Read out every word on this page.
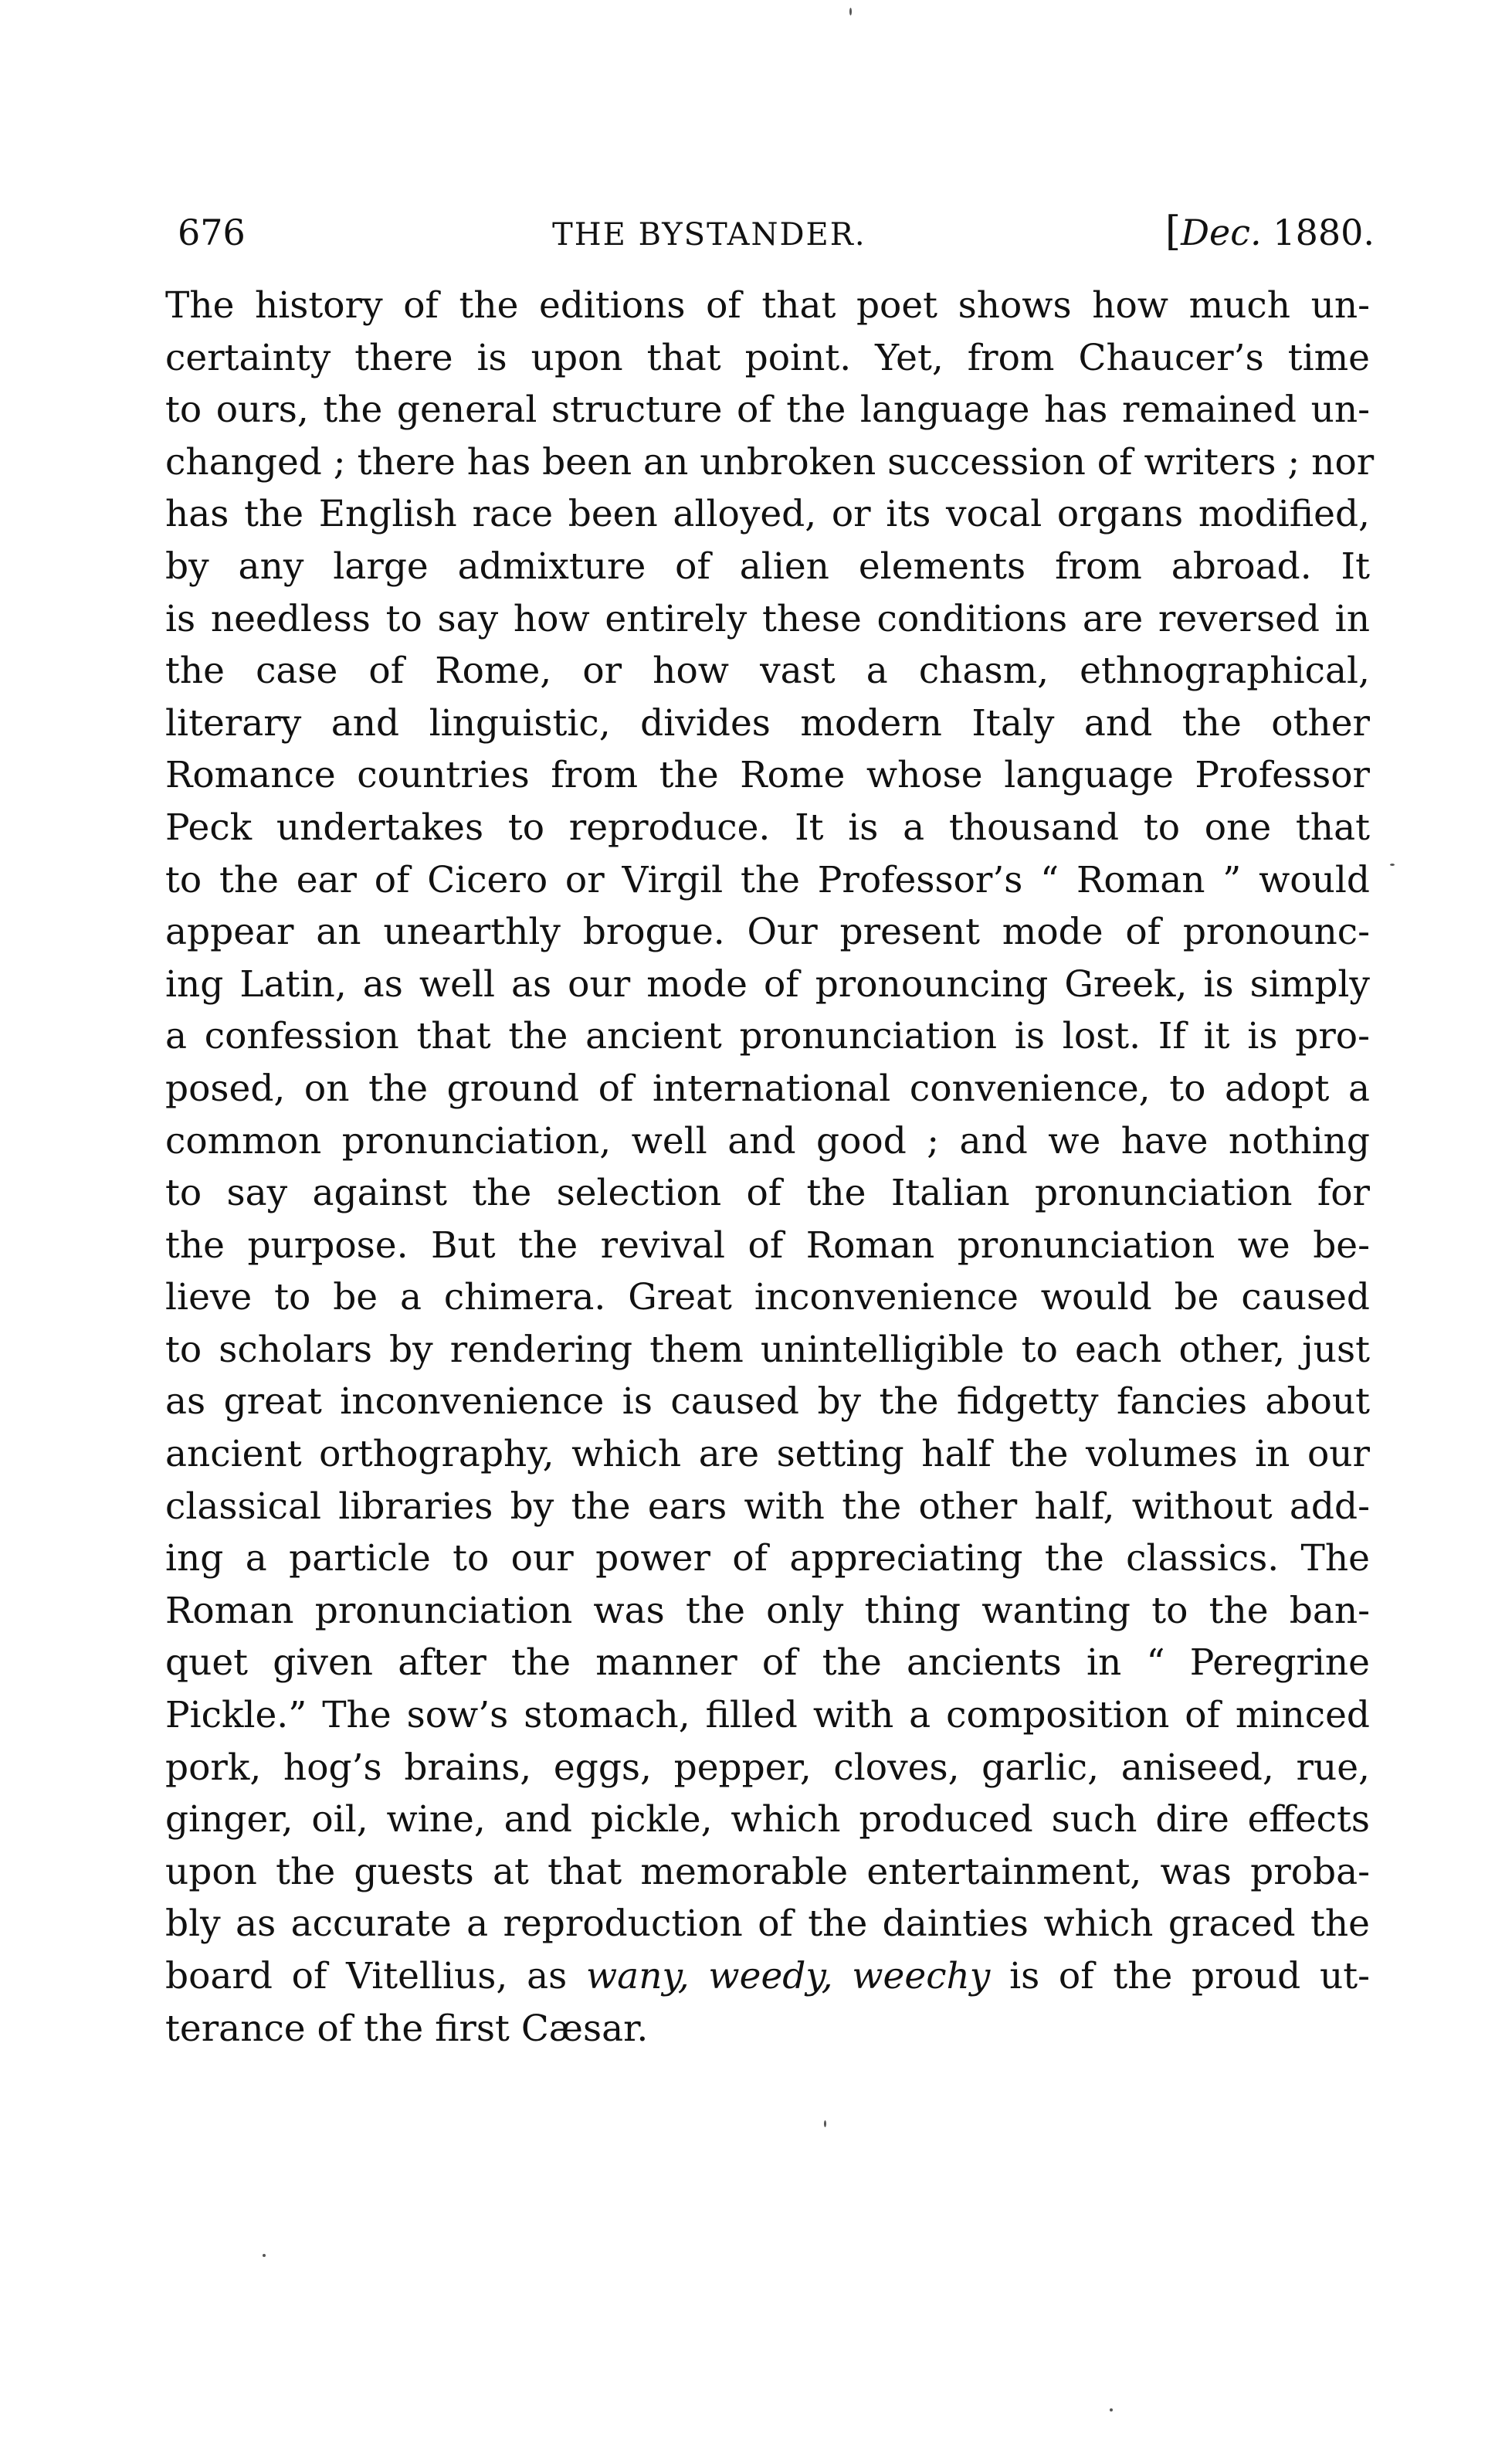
676	THE BYSTANDER.	[Dec. 1880.
The history of the editions of that poet shows how much un-
certainty there is upon that point. Yet, from Chaucer’s time
to ours, the general structure of the language has remained un-
changed ; there has been an unbroken succession of writers ; nor
has the English race been alloyed, or its vocal organs modified,
by any large admixture of alien elements from abroad. It
is needless to say how entirely these conditions are reversed in
the case of Rome, or how vast a chasm, ethnographical,
literary and linguistic, divides modern Italy and the other
Romance countries from the Rome whose language Professor
Peck undertakes to reproduce. It is a thousand to one that
to the ear of Cicero or Virgil the Professor’s “ Roman ” would
appear an unearthly brogue. Our present mode of pronounc-
ing Latin, as well as our mode of pronouncing Greek, is simply
a confession that the ancient pronunciation is lost. If it is pro-
posed, on the ground of international convenience, to adopt a
common pronunciation, well and good ; and we have nothing
to say against the selection of the Italian pronunciation for
the purpose. But the revival of Roman pronunciation we be-
lieve to be a chimera. Great inconvenience would be caused
to scholars by rendering them unintelligible to each other, just
as great inconvenience is caused by the fidgetty fancies about
ancient orthography, which are setting half the volumes in our
classical libraries by the ears with the other half, without add-
ing a particle to our power of appreciating the classics. The
Roman pronunciation was the only thing wanting to the ban-
quet given after the manner of the ancients in “ Peregrine
Pickle.” The sow’s stomach, filled with a composition of minced
pork, hog’s brains, eggs, pepper, cloves, garlic, aniseed, rue,
ginger, oil, wine, and pickle, which produced such dire effects
upon the guests at that memorable entertainment, was proba-
bly as accurate a reproduction of the dainties which graced the
board of Vitellius, as wany, weedy, weechy is of the proud ut-
terance of the first Cæsar.
